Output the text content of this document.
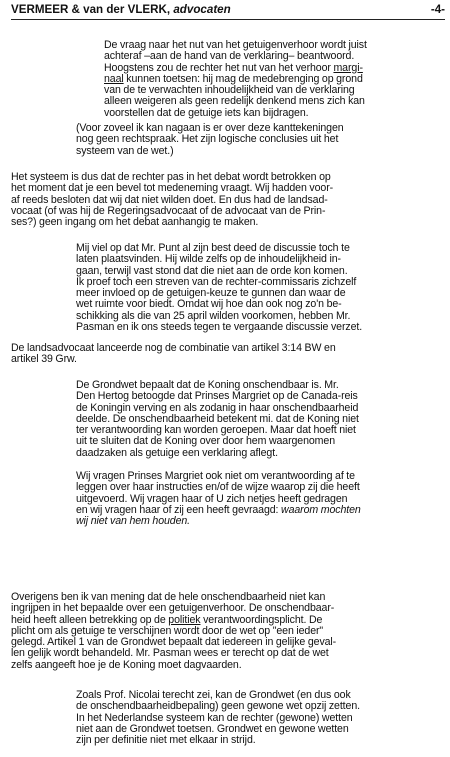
VERMEER & van der VLERK, advocaten	-4-

De vraag naar het nut van het getuigenverhoor wordt juist
achteraf –aan de hand van de verklaring– beantwoord.
Hoogstens zou de rechter het nut van het verhoor margi-
naal kunnen toetsen: hij mag de medebrenging op grond
van de te verwachten inhoudelijkheid van de verklaring
alleen weigeren als geen redelijk denkend mens zich kan
voorstellen dat de getuige iets kan bijdragen.

(Voor zoveel ik kan nagaan is er over deze kanttekeningen
nog geen rechtspraak. Het zijn logische conclusies uit het
systeem van de wet.)

Het systeem is dus dat de rechter pas in het debat wordt betrokken op
het moment dat je een bevel tot medeneming vraagt. Wij hadden voor-
af reeds besloten dat wij dat niet wilden doet. En dus had de landsad-
vocaat (of was hij de Regeringsadvocaat of de advocaat van de Prin-
ses?) geen ingang om het debat aanhangig te maken.

Mij viel op dat Mr. Punt al zijn best deed de discussie toch te
laten plaatsvinden. Hij wilde zelfs op de inhoudelijkheid in-
gaan, terwijl vast stond dat die niet aan de orde kon komen.
Ik proef toch een streven van de rechter-commissaris zichzelf
meer invloed op de getuigen-keuze te gunnen dan waar de
wet ruimte voor biedt. Omdat wij hoe dan ook nog zo'n be-
schikking als die van 25 april wilden voorkomen, hebben Mr.
Pasman en ik ons steeds tegen te vergaande discussie verzet.

De landsadvocaat lanceerde nog de combinatie van artikel 3:14 BW en
artikel 39 Grw.

De Grondwet bepaalt dat de Koning onschendbaar is. Mr.
Den Hertog betoogde dat Prinses Margriet op de Canada-reis
de Koningin verving en als zodanig in haar onschendbaarheid
deelde. De onschendbaarheid betekent mi. dat de Koning niet
ter verantwoording kan worden geroepen. Maar dat hoeft niet
uit te sluiten dat de Koning over door hem waargenomen
daadzaken als getuige een verklaring aflegt.

Wij vragen Prinses Margriet ook niet om verantwoording af te
leggen over haar instructies en/of de wijze waarop zij die heeft
uitgevoerd. Wij vragen haar of U zich netjes heeft gedragen
en wij vragen haar of zij een heeft gevraagd: waarom mochten
wij niet van hem houden.

Overigens ben ik van mening dat de hele onschendbaarheid niet kan
ingrijpen in het bepaalde over een getuigenverhoor. De onschendbaar-
heid heeft alleen betrekking op de politiek verantwoordingsplicht. De
plicht om als getuige te verschijnen wordt door de wet op "een ieder"
gelegd. Artikel 1 van de Grondwet bepaalt dat iedereen in gelijke geval-
len gelijk wordt behandeld. Mr. Pasman wees er terecht op dat de wet
zelfs aangeeft hoe je de Koning moet dagvaarden.

Zoals Prof. Nicolai terecht zei, kan de Grondwet (en dus ook
de onschendbaarheidbepaling) geen gewone wet opzij zetten.
In het Nederlandse systeem kan de rechter (gewone) wetten
niet aan de Grondwet toetsen. Grondwet en gewone wetten
zijn per definitie niet met elkaar in strijd.
